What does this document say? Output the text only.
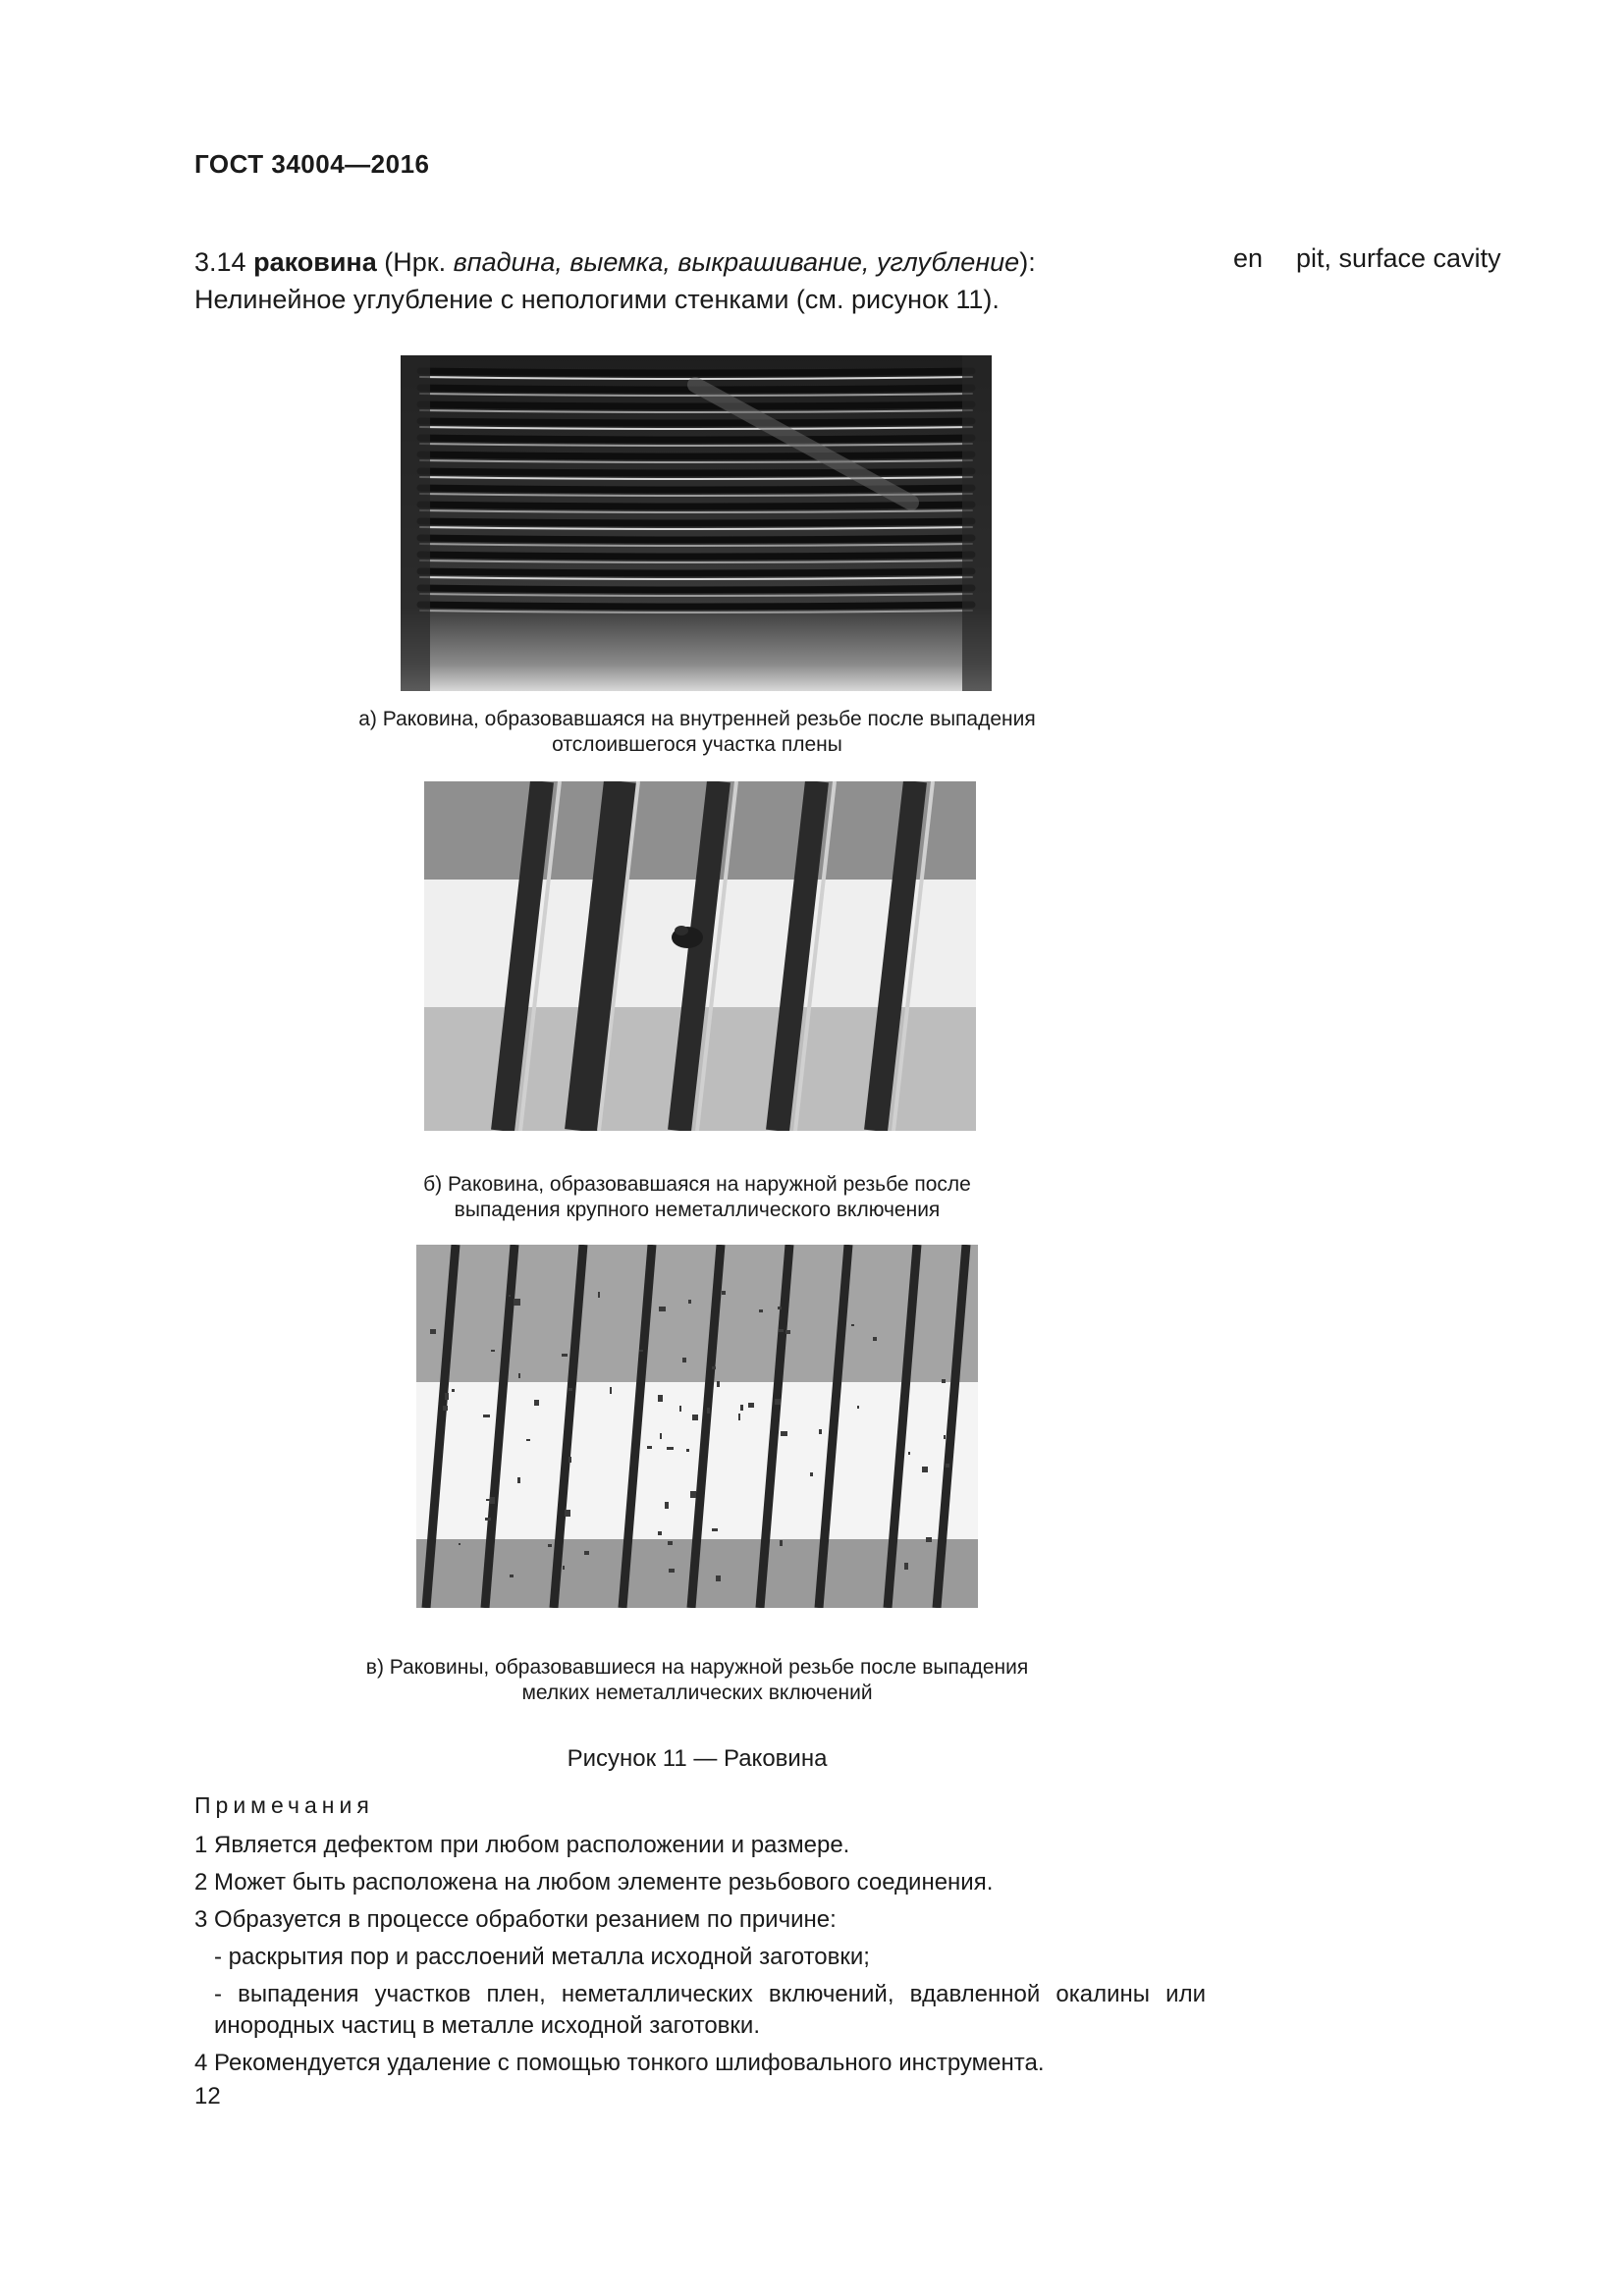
ГОСТ 34004—2016
3.14 раковина (Нрк. впадина, выемка, выкрашивание, углубление): Нелинейное углубление с непологими стенками (см. рисунок 11).
en pit, surface cavity
а) Раковина, образовавшаяся на внутренней резьбе после выпадения
отслоившегося участка плены
б) Раковина, образовавшаяся на наружной резьбе после
выпадения крупного неметаллического включения
в) Раковины, образовавшиеся на наружной резьбе после выпадения
мелких неметаллических включений
Рисунок 11 — Раковина
Примечания
1 Является дефектом при любом расположении и размере.
2 Может быть расположена на любом элементе резьбового соединения.
3 Образуется в процессе обработки резанием по причине:
- раскрытия пор и расслоений металла исходной заготовки;
- выпадения участков плен, неметаллических включений, вдавленной окалины или инородных частиц в металле исходной заготовки.
4 Рекомендуется удаление с помощью тонкого шлифовального инструмента.
12
